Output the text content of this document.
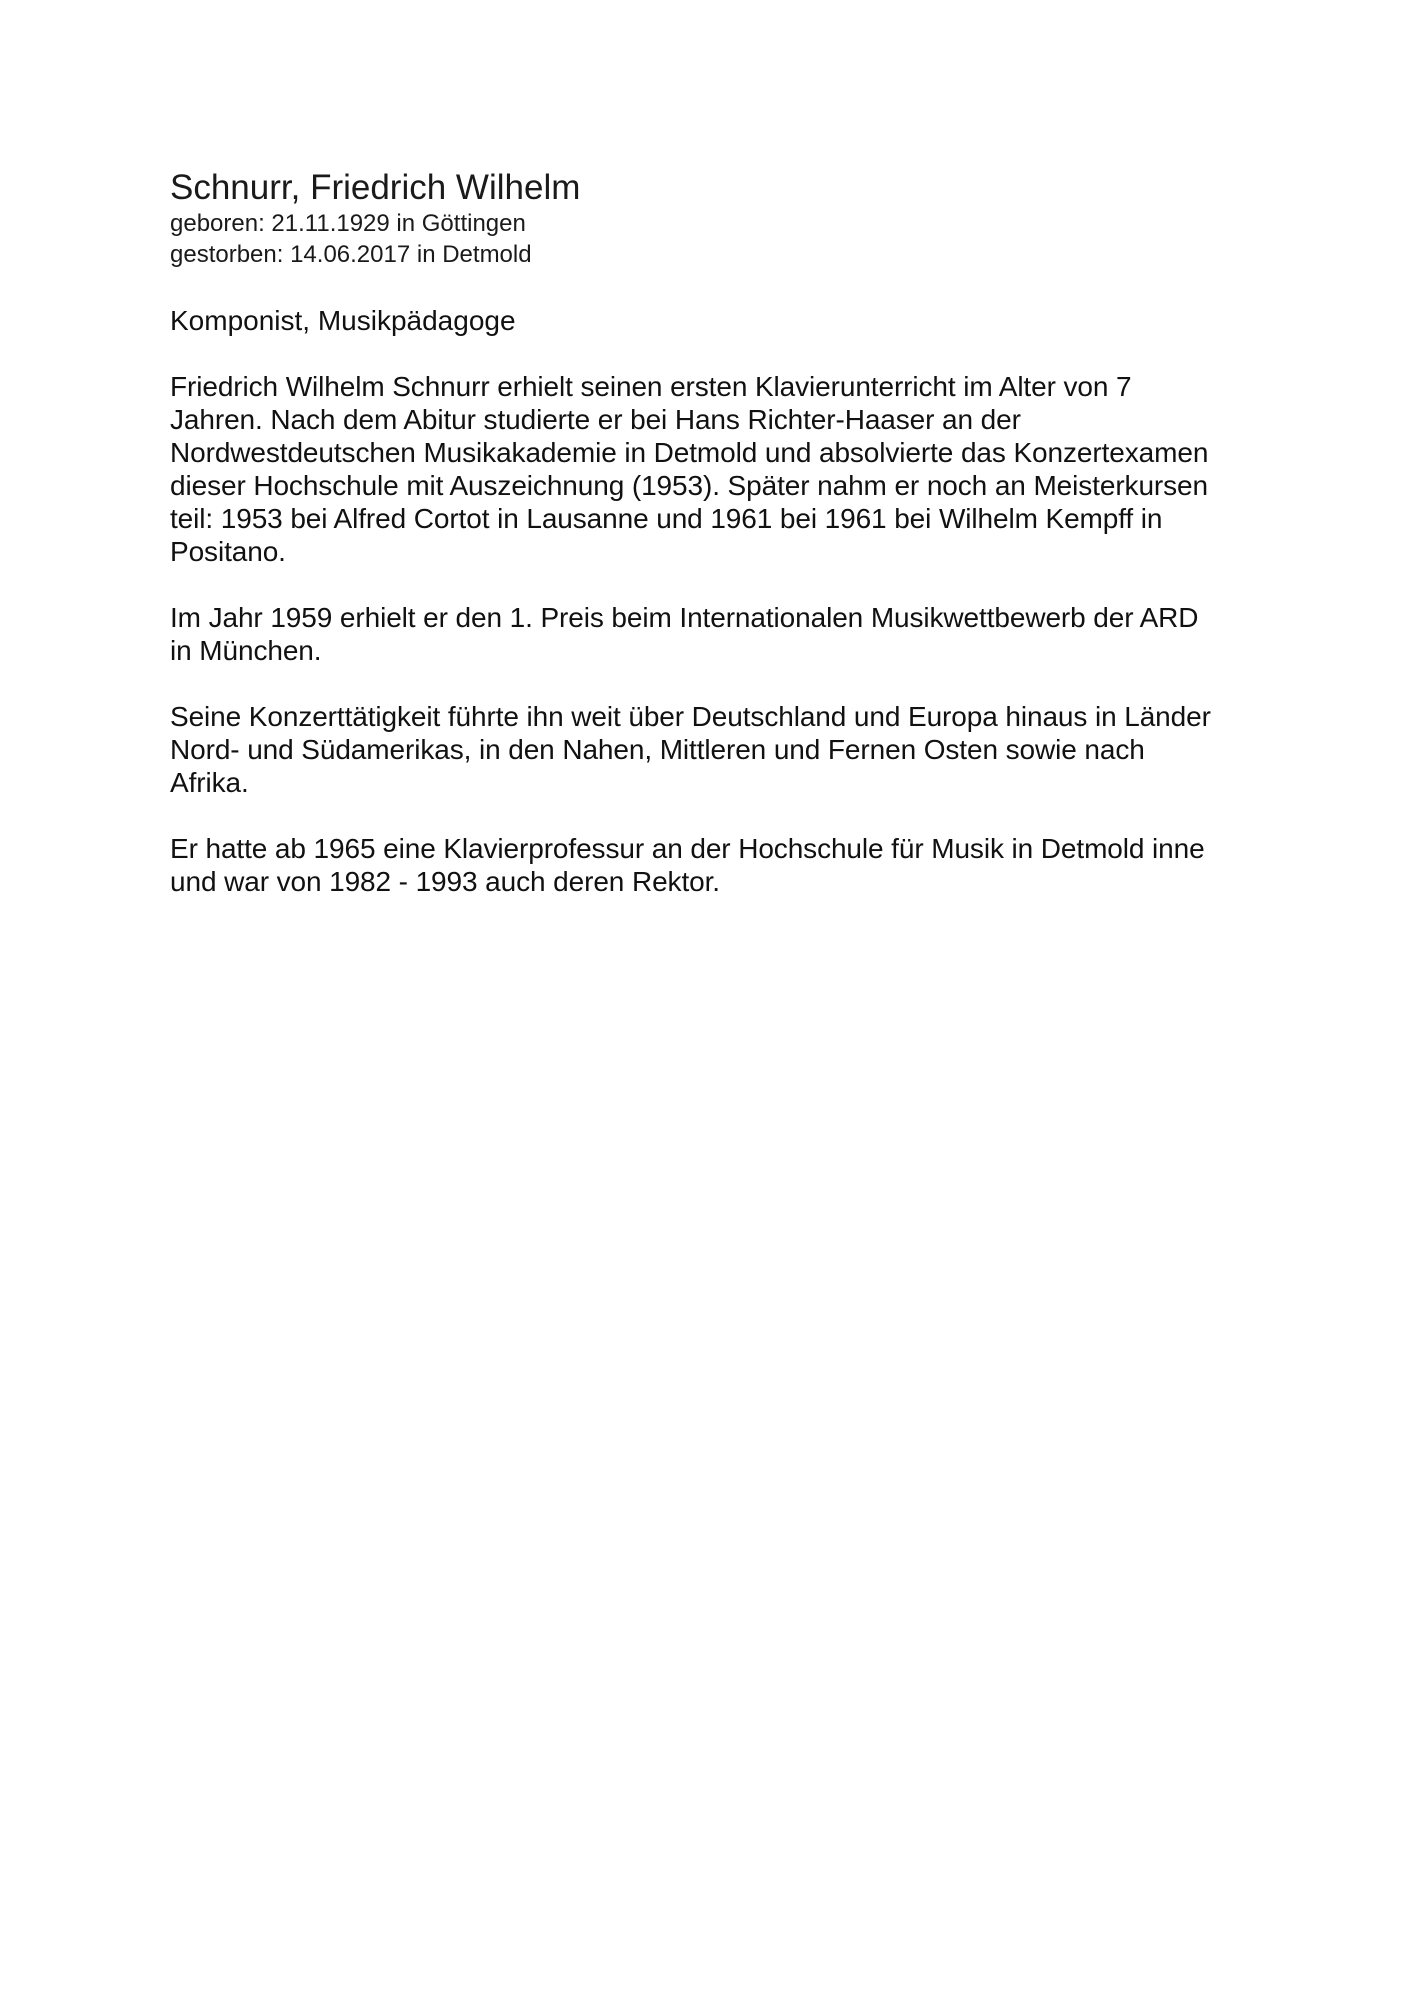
Schnurr, Friedrich Wilhelm

geboren: 21.11.1929 in Göttingen

gestorben: 14.06.2017 in Detmold

Komponist, Musikpädagoge

Friedrich Wilhelm Schnurr erhielt seinen ersten Klavierunterricht im Alter von 7
Jahren. Nach dem Abitur studierte er bei Hans Richter-Haaser an der
Nordwestdeutschen Musikakademie in Detmold und absolvierte das Konzertexamen
dieser Hochschule mit Auszeichnung (1953). Später nahm er noch an Meisterkursen
teil: 1953 bei Alfred Cortot in Lausanne und 1961 bei 1961 bei Wilhelm Kempff in
Positano.

Im Jahr 1959 erhielt er den 1. Preis beim Internationalen Musikwettbewerb der ARD
in München.

Seine Konzerttätigkeit führte ihn weit über Deutschland und Europa hinaus in Länder
Nord- und Südamerikas, in den Nahen, Mittleren und Fernen Osten sowie nach
Afrika.

Er hatte ab 1965 eine Klavierprofessur an der Hochschule für Musik in Detmold inne
und war von 1982 - 1993 auch deren Rektor.
